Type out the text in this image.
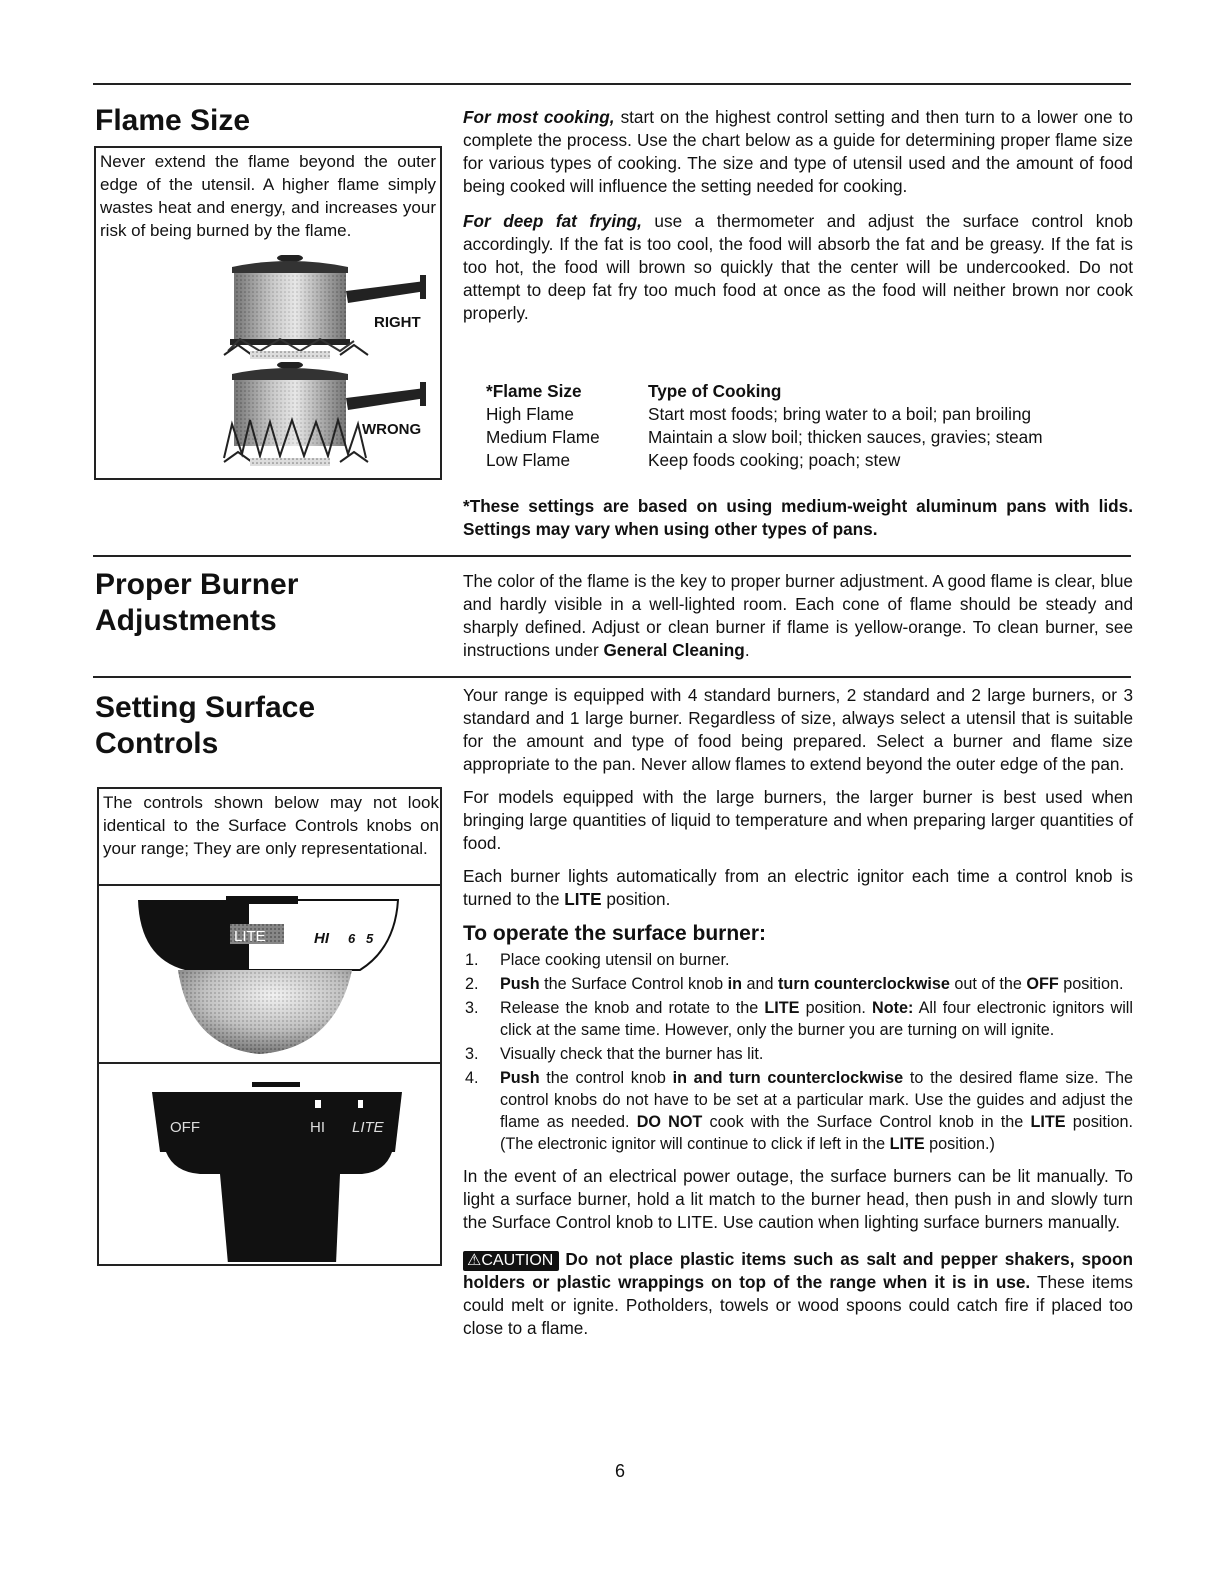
Flame Size
Never extend the flame beyond the outer edge of the utensil. A higher flame simply wastes heat and energy, and increases your risk of being burned by the flame.
RIGHT
WRONG

For most cooking, start on the highest control setting and then turn to a lower one to complete the process. Use the chart below as a guide for determining proper flame size for various types of cooking. The size and type of utensil used and the amount of food being cooked will influence the setting needed for cooking.

For deep fat frying, use a thermometer and adjust the surface control knob accordingly. If the fat is too cool, the food will absorb the fat and be greasy. If the fat is too hot, the food will brown so quickly that the center will be undercooked. Do not attempt to deep fat fry too much food at once as the food will neither brown nor cook properly.

*Flame Size	Type of Cooking
High Flame	Start most foods; bring water to a boil; pan broiling
Medium Flame	Maintain a slow boil; thicken sauces, gravies; steam
Low Flame	Keep foods cooking; poach; stew
*These settings are based on using medium-weight aluminum pans with lids. Settings may vary when using other types of pans.
Proper Burner
Adjustments
The color of the flame is the key to proper burner adjustment. A good flame is clear, blue and hardly visible in a well-lighted room. Each cone of flame should be steady and sharply defined. Adjust or clean burner if flame is yellow-orange. To clean burner, see instructions under General Cleaning.
Setting Surface
Controls
The controls shown below may not look identical to the Surface Controls knobs on your range; They are only representational.
LITE	HI 6 5
OFF	HI LITE

Your range is equipped with 4 standard burners, 2 standard and 2 large burners, or 3 standard and 1 large burner. Regardless of size, always select a utensil that is suitable for the amount and type of food being prepared. Select a burner and flame size appropriate to the pan. Never allow flames to extend beyond the outer edge of the pan.

For models equipped with the large burners, the larger burner is best used when bringing large quantities of liquid to temperature and when preparing larger quantities of food.

Each burner lights automatically from an electric ignitor each time a control knob is turned to the LITE position.

To operate the surface burner:
1. Place cooking utensil on burner.
2. Push the Surface Control knob in and turn counterclockwise out of the OFF position.
3. Release the knob and rotate to the LITE position. Note: All four electronic ignitors will click at the same time. However, only the burner you are turning on will ignite.
3. Visually check that the burner has lit.
4. Push the control knob in and turn counterclockwise to the desired flame size. The control knobs do not have to be set at a particular mark. Use the guides and adjust the flame as needed. DO NOT cook with the Surface Control knob in the LITE position. (The electronic ignitor will continue to click if left in the LITE position.)

In the event of an electrical power outage, the surface burners can be lit manually. To light a surface burner, hold a lit match to the burner head, then push in and slowly turn the Surface Control knob to LITE. Use caution when lighting surface burners manually.

⚠CAUTION Do not place plastic items such as salt and pepper shakers, spoon holders or plastic wrappings on top of the range when it is in use. These items could melt or ignite. Potholders, towels or wood spoons could catch fire if placed too close to a flame.

6
